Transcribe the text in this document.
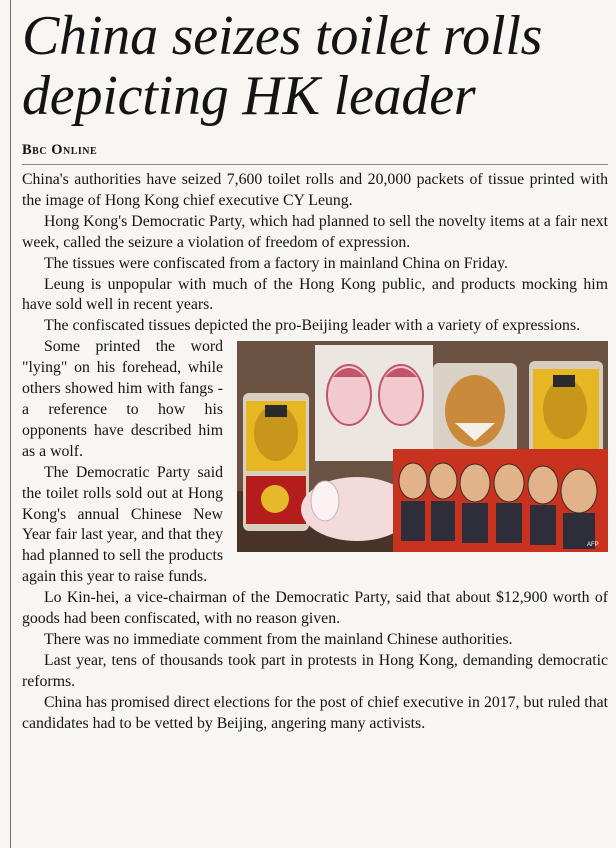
China seizes toilet rolls
depicting HK leader
Bbc Online

China's authorities have seized 7,600 toilet rolls and 20,000 packets of tissue printed with the image of Hong Kong chief executive CY Leung.

Hong Kong's Democratic Party, which had planned to sell the novelty items at a fair next week, called the seizure a violation of freedom of expression.

The tissues were confiscated from a factory in mainland China on Friday.

Leung is unpopular with much of the Hong Kong public, and products mocking him have sold well in recent years.

The confiscated tissues depicted the pro-Beijing leader with a variety of expressions.

AFP

Some printed the word "lying" on his forehead, while others showed him with fangs - a reference to how his opponents have described him as a wolf.

The Democratic Party said the toilet rolls sold out at Hong Kong's annual Chinese New Year fair last year, and that they had planned to sell the products again this year to raise funds.

Lo Kin-hei, a vice-chairman of the Democratic Party, said that about $12,900 worth of goods had been confiscated, with no reason given.

There was no immediate comment from the mainland Chinese authorities.

Last year, tens of thousands took part in protests in Hong Kong, demanding democratic reforms.

China has promised direct elections for the post of chief executive in 2017, but ruled that candidates had to be vetted by Beijing, angering many activists.
